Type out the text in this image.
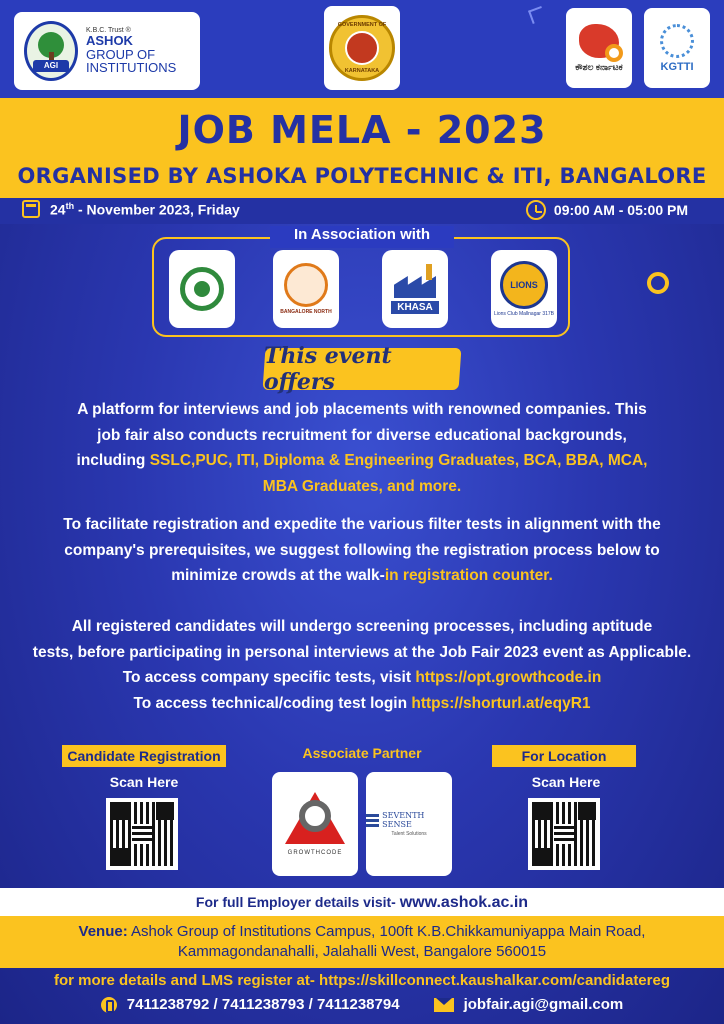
AGI
K.B.C. Trust ®
ASHOK
GROUP OF
INSTITUTIONS
GOVERNMENT OF
KARNATAKA	ಕೌಶಲ ಕರ್ನಾಟಕ	KGTTI
JOB MELA - 2023
ORGANISED BY ASHOKA POLYTECHNIC & ITI, BANGALORE
24th - November 2023, Friday	09:00 AM - 05:00 PM
In Association with
BANGALORE NORTH	KHASA
LIONS
Lions Club Mallnagar 317B
This event offers
A platform for interviews and job placements with renowned companies. This
job fair also conducts recruitment for diverse educational backgrounds,
including SSLC,PUC, ITI, Diploma & Engineering Graduates, BCA, BBA, MCA,
MBA Graduates, and more.
To facilitate registration and expedite the various filter tests in alignment with the
company's prerequisites, we suggest following the registration process below to
minimize crowds at the walk-in registration counter.
All registered candidates will undergo screening processes, including aptitude
tests, before participating in personal interviews at the Job Fair 2023 event as Applicable.
To access company specific tests, visit https://opt.growthcode.in
To access technical/coding test login https://shorturl.at/eqyR1
Candidate Registration	Associate Partner	For Location
Scan Here	Scan Here
GROWTHCODE
SEVENTH SENSE
Talent Solutions
For full Employer details visit- www.ashok.ac.in

Venue: Ashok Group of Institutions Campus, 100ft K.B.Chikkamuniyappa Main Road,

Kammagondanahalli, Jalahalli West, Bangalore 560015

for more details and LMS register at- https://skillconnect.kaushalkar.com/candidatereg
7411238792 / 7411238793 / 7411238794	jobfair.agi@gmail.com
